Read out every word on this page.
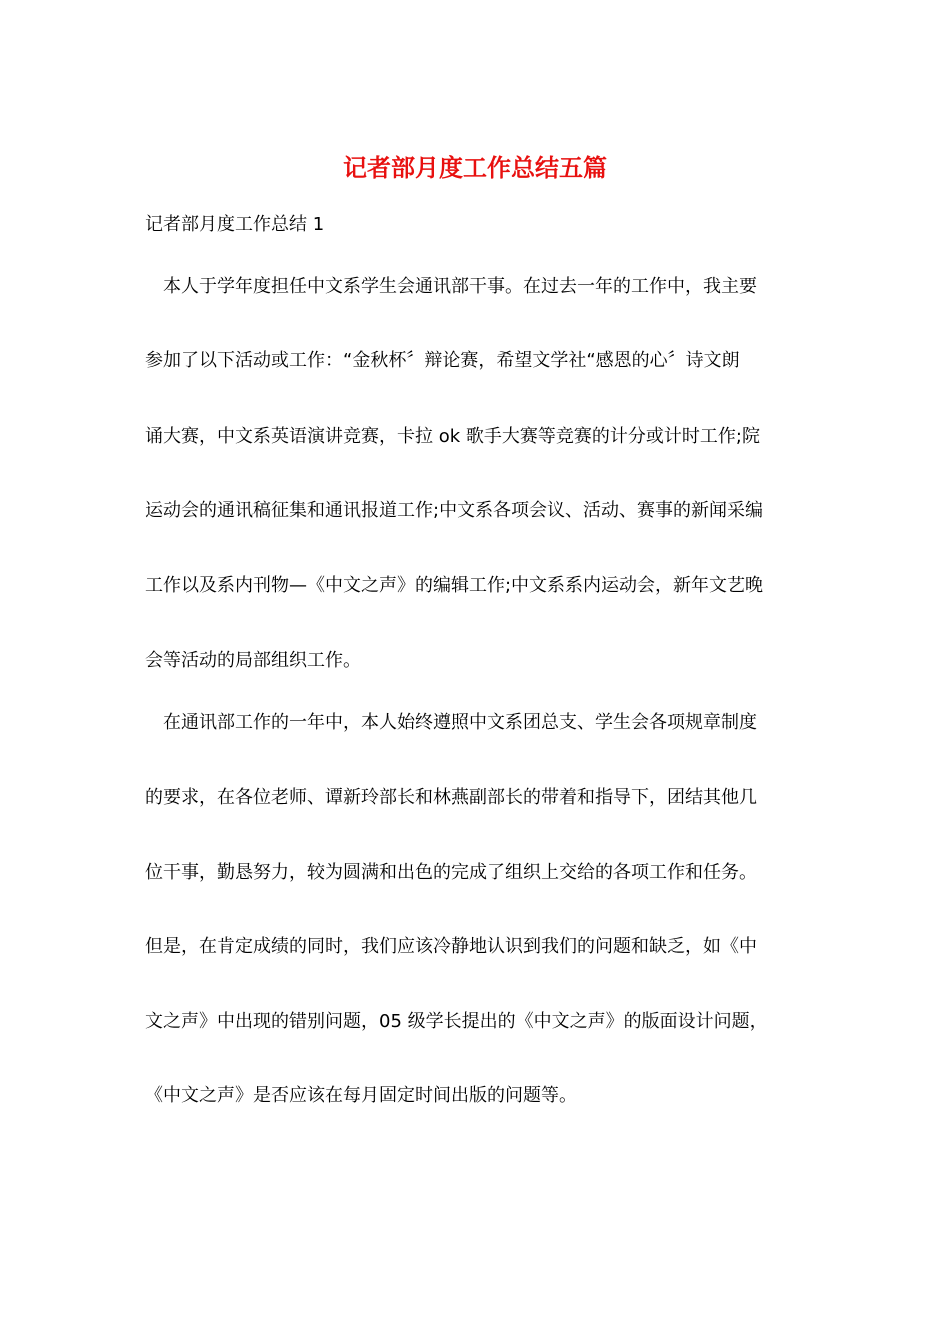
记者部月度工作总结五篇

记者部月度工作总结 1

本人于学年度担任中文系学生会通讯部干事。在过去一年的工作中，我主要

参加了以下活动或工作：“金秋杯〞辩论赛，希望文学社“感恩的心〞诗文朗

诵大赛，中文系英语演讲竞赛，卡拉 ok 歌手大赛等竞赛的计分或计时工作;院

运动会的通讯稿征集和通讯报道工作;中文系各项会议、活动、赛事的新闻采编

工作以及系内刊物—《中文之声》的编辑工作;中文系系内运动会，新年文艺晚

会等活动的局部组织工作。

在通讯部工作的一年中，本人始终遵照中文系团总支、学生会各项规章制度

的要求，在各位老师、谭新玲部长和林燕副部长的带着和指导下，团结其他几

位干事，勤恳努力，较为圆满和出色的完成了组织上交给的各项工作和任务。

但是，在肯定成绩的同时，我们应该冷静地认识到我们的问题和缺乏，如《中

文之声》中出现的错别问题，05 级学长提出的《中文之声》的版面设计问题，

《中文之声》是否应该在每月固定时间出版的问题等。
